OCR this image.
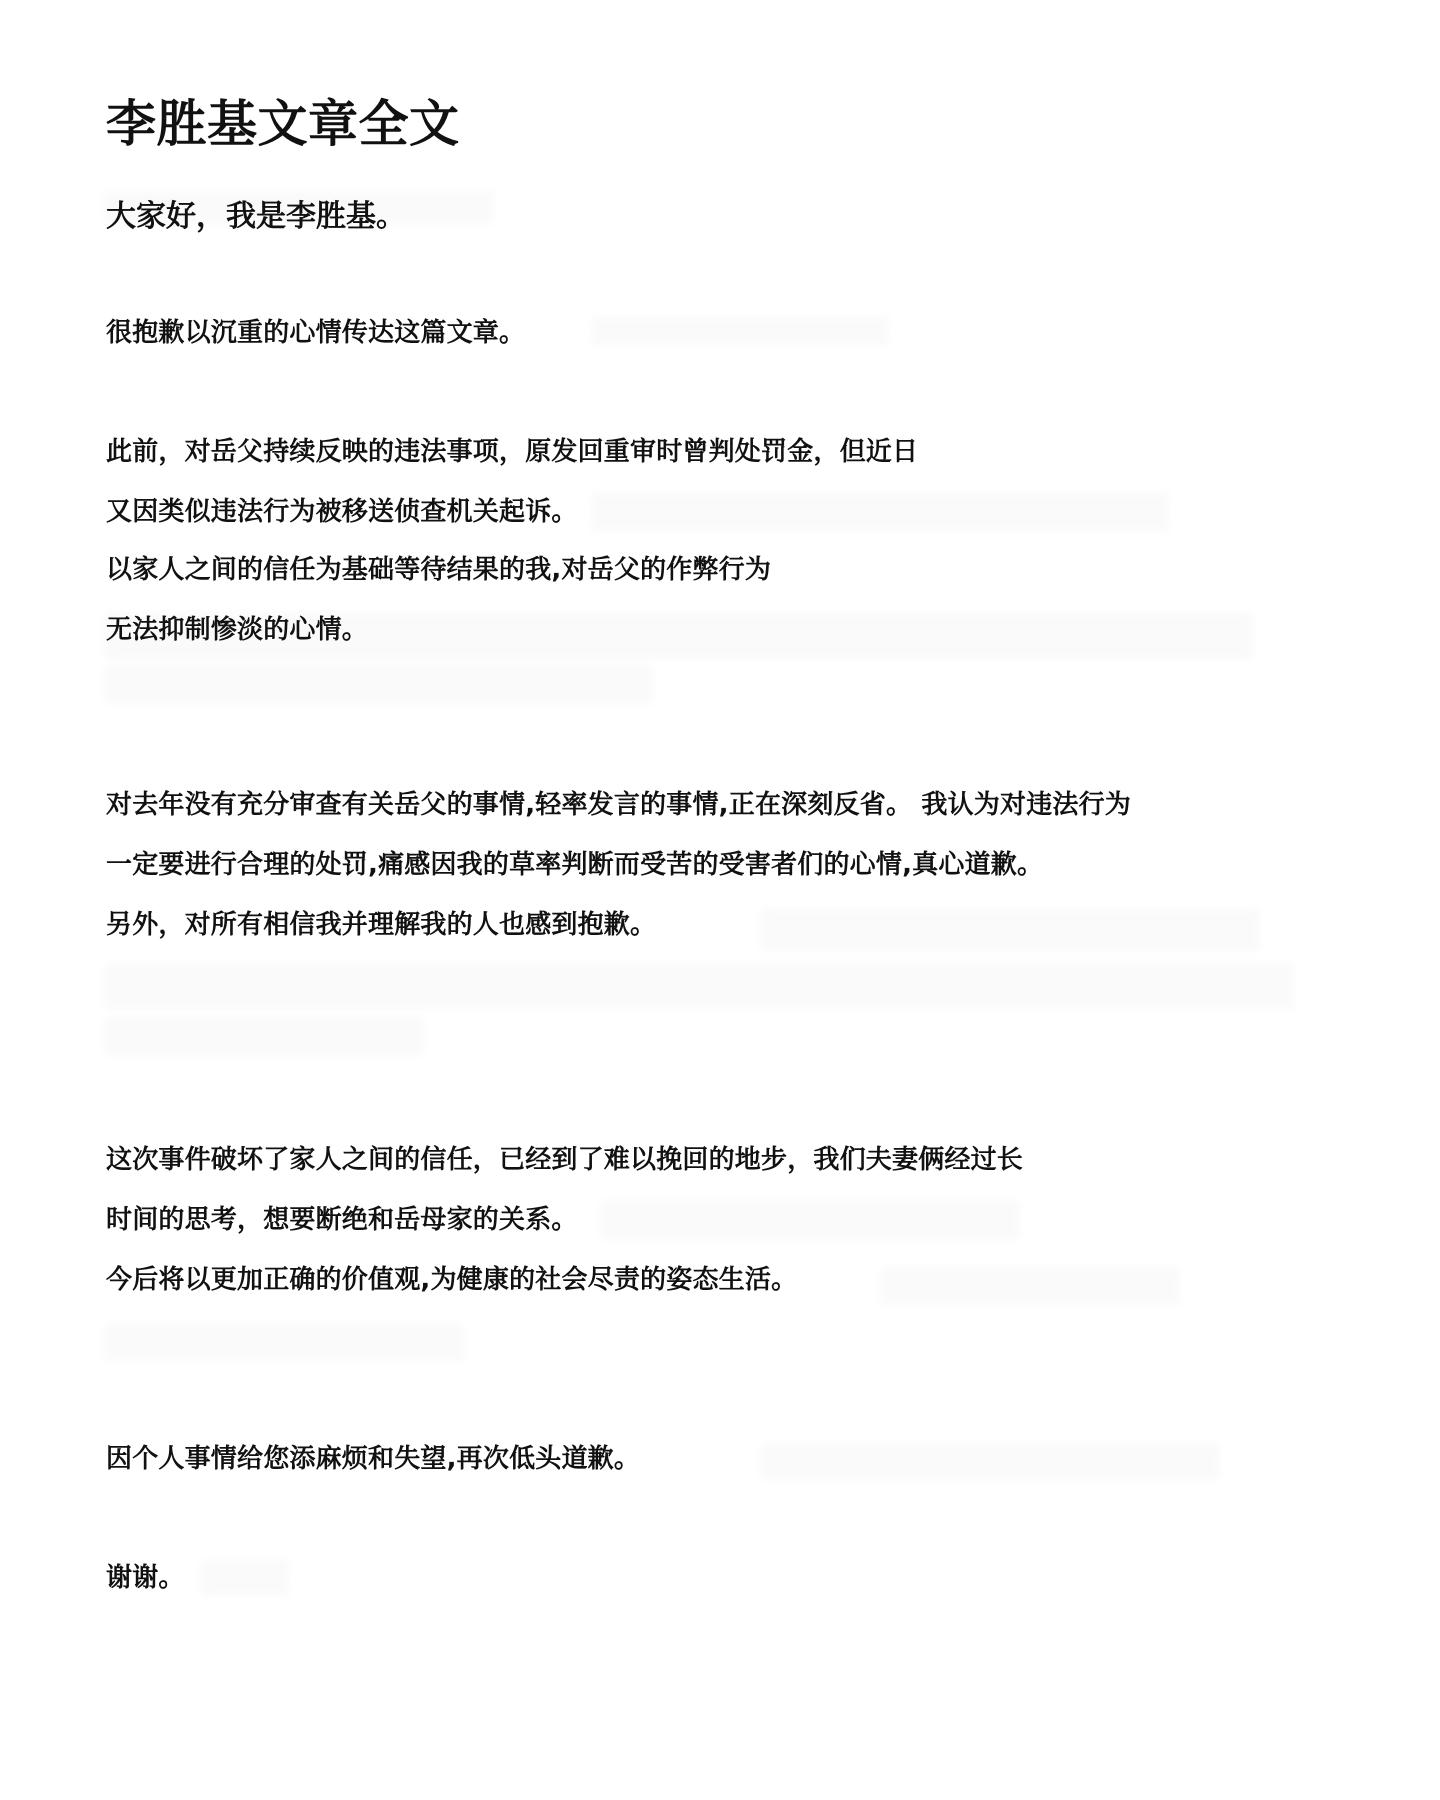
李胜基文章全文

大家好，我是李胜基。

很抱歉以沉重的心情传达这篇文章。

此前，对岳父持续反映的违法事项，原发回重审时曾判处罚金，但近日

又因类似违法行为被移送侦查机关起诉。

以家人之间的信任为基础等待结果的我,对岳父的作弊行为

无法抑制惨淡的心情。

对去年没有充分审查有关岳父的事情,轻率发言的事情,正在深刻反省。 我认为对违法行为

一定要进行合理的处罚,痛感因我的草率判断而受苦的受害者们的心情,真心道歉。

另外，对所有相信我并理解我的人也感到抱歉。

这次事件破坏了家人之间的信任，已经到了难以挽回的地步，我们夫妻俩经过长

时间的思考，想要断绝和岳母家的关系。

今后将以更加正确的价值观,为健康的社会尽责的姿态生活。

因个人事情给您添麻烦和失望,再次低头道歉。

谢谢。
